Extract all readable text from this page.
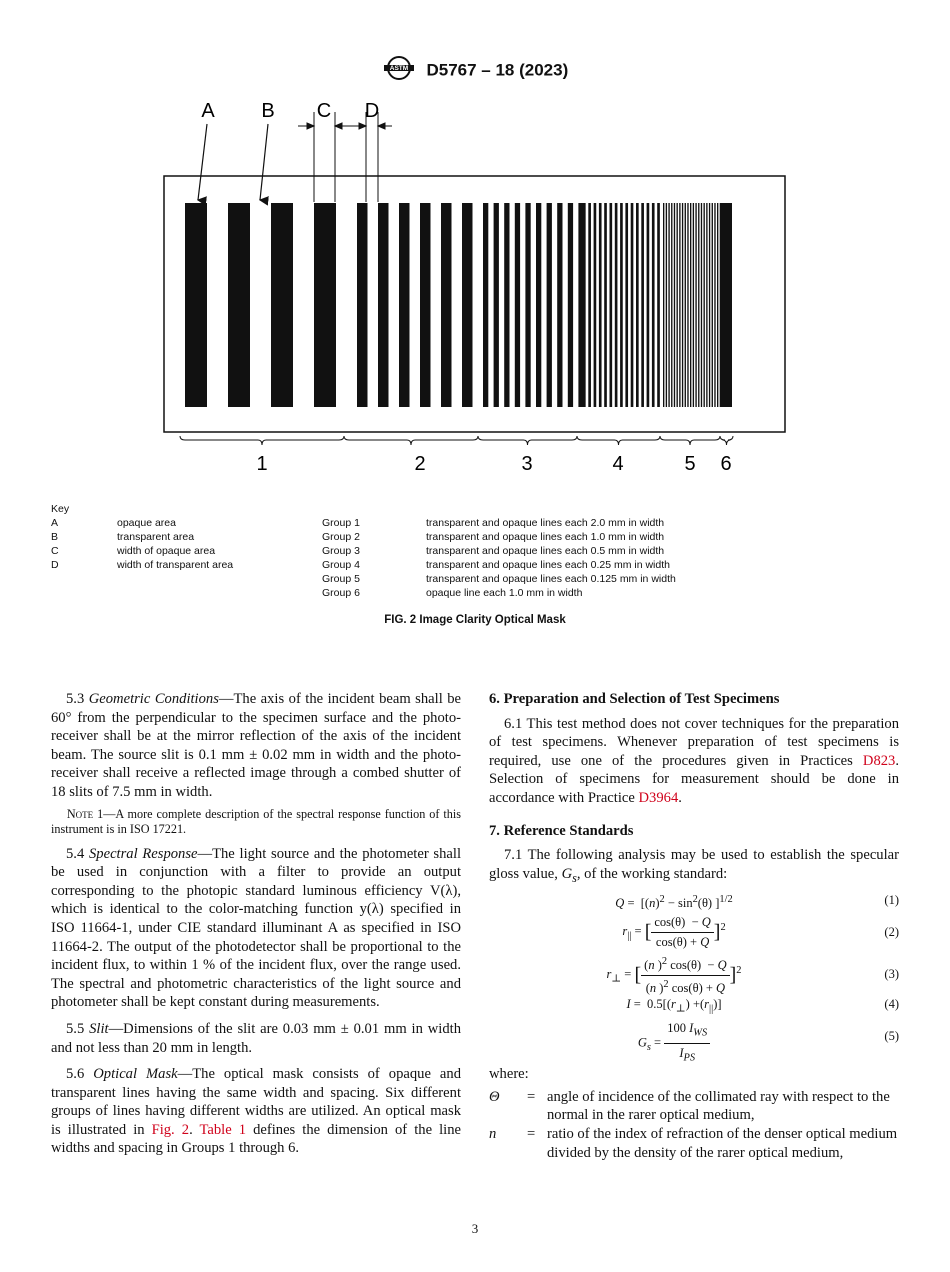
ASTM D5767 – 18 (2023)
A B C D
1	2	3	4	5 6
Key
A	opaque area
B	transparent area
C	width of opaque area
D	width of transparent area
Group 1	transparent and opaque lines each 2.0 mm in width
Group 2	transparent and opaque lines each 1.0 mm in width
Group 3	transparent and opaque lines each 0.5 mm in width
Group 4	transparent and opaque lines each 0.25 mm in width
Group 5	transparent and opaque lines each 0.125 mm in width
Group 6	opaque line each 1.0 mm in width
FIG. 2 Image Clarity Optical Mask

5.3 Geometric Conditions—The axis of the incident beam shall be 60° from the perpendicular to the specimen surface and the photo-receiver shall be at the mirror reflection of the axis of the incident beam. The source slit is 0.1 mm ± 0.02 mm in width and the photo-receiver shall receive a reflected image through a combed shutter of 18 slits of 7.5 mm in width.

Note 1—A more complete description of the spectral response function of this instrument is in ISO 17221.

5.4 Spectral Response—The light source and the photometer shall be used in conjunction with a filter to provide an output corresponding to the photopic standard luminous efficiency V(λ), which is identical to the color-matching function y(λ) specified in ISO 11664-1, under CIE standard illuminant A as specified in ISO 11664-2. The output of the photodetector shall be proportional to the incident flux, to within 1 % of the incident flux, over the range used. The spectral and photometric characteristics of the light source and photometer shall be kept constant during measurements.

5.5 Slit—Dimensions of the slit are 0.03 mm ± 0.01 mm in width and not less than 20 mm in length.

5.6 Optical Mask—The optical mask consists of opaque and transparent lines having the same width and spacing. Six different groups of lines having different widths are utilized. An optical mask is illustrated in Fig. 2. Table 1 defines the dimension of the line widths and spacing in Groups 1 through 6.

6. Preparation and Selection of Test Specimens

6.1 This test method does not cover techniques for the preparation of test specimens. Whenever preparation of test specimens is required, use one of the procedures given in Practices D823. Selection of specimens for measurement should be done in accordance with Practice D3964.

7. Reference Standards

7.1 The following analysis may be used to establish the specular gloss value, $G_s$, of the working standard:

$Q = [(n)^2 - \sin^2(\theta)$ ]$^{1/2}$	(1)
$r_{||}$ = [ $\frac{\cos(\theta) - Q}{\cos(\theta) + Q} ]^2$	(2)
$r_\perp$ = [ $\frac{(n )^2 \cos(\theta) - Q}{(n )^2 \cos(\theta) + Q} ]^2$	(3)
$I = 0.5[(r_\perp) +(r_{||})]$	(4)
$G_s = \frac{100 I_{WS}}{I_{PS}}$	(5)

where:

Θ = angle of incidence of the collimated ray with respect to the normal in the rarer optical medium,
n = ratio of the index of refraction of the denser optical medium divided by the density of the rarer optical medium,
3
